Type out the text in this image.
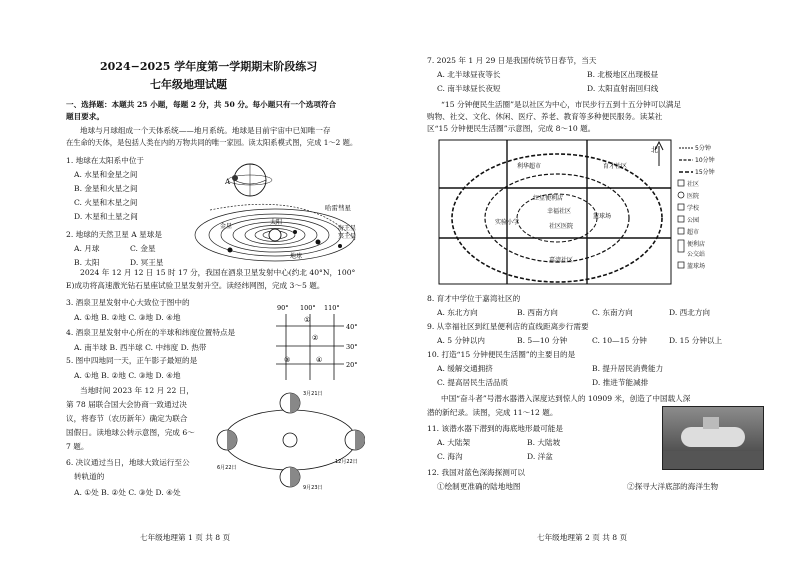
2024−2025 学年度第一学期期末阶段练习
七年级地理试题
一、选择题：本题共 25 小题，每题 2 分，共 50 分。每小题只有一个选项符合
题目要求。
地球与月球组成一个天体系统——地月系统。地球是目前宇宙中已知唯一存
在生命的天体，是包括人类在内的万物共同的唯一家园。读太阳系模式图，完成 1～2 题。
1. 地球在太阳系中位于
A. 水星和金星之间
B. 金星和火星之间
C. 火星和木星之间
D. 木星和土星之间
2. 地球的天然卫星 A 星球是
A. 月球	C. 金星
B. 太阳	D. 冥王星
A
哈雷彗星
太阳
海王星
冥王星
金星
地球
2024 年 12 月 12 日 15 时 17 分，我国在酒泉卫星发射中心(约北 40°N，100°
E)成功将高速激光钻石星座试验卫星发射升空。读经纬网图，完成 3～5 题。
3. 酒泉卫星发射中心大致位于图中的
A. ①地 B. ②地 C. ③地 D. ④地
4. 酒泉卫星发射中心所在的半球和纬度位置特点是
A. 南半球 B. 西半球 C. 中纬度 D. 热带
5. 图中四地同一天，正午影子最短的是
A. ①地 B. ②地 C. ③地 D. ④地
90° 100° 110°
40°
30°
20°
①
②
③	④
当地时间 2023 年 12 月 22 日，
第 78 届联合国大会协商一致通过决
议，将春节（农历新年）确定为联合
国假日。读地球公转示意图，完成 6～
7 题。
6. 决议通过当日，地球大致运行至公
转轨道的
A. ①处 B. ②处 C. ③处 D. ④处
6月22日
12月22日
3月21日
9月23日
七年级地理第 1 页 共 8 页
7. 2025 年 1 月 29 日是我国传统节日春节，当天
A. 北半球昼夜等长	B. 北极地区出现极昼
C. 南半球昼长夜短	D. 太阳直射南回归线
“15 分钟便民生活圈”是以社区为中心，市民步行五到十五分钟可以满足
购物、社交、文化、休闲、医疗、养老、教育等多种便民服务。读某社
区“15 分钟便民生活圈”示意图，完成 8～10 题。
北
利华超市	育才社区
红星便利店
幸福社区
篮球场
实验小学
社区医院
嘉湾社区
5分钟
10分钟
15分钟
社区
医院
学校
公园
超市
便利店
公交站
篮球场
8. 育才中学位于嘉湾社区的
A. 东北方向	B. 西南方向	C. 东南方向	D. 西北方向
9. 从幸福社区到红星便利店的直线距离步行需要
A. 5 分钟以内	B. 5—10 分钟	C. 10—15 分钟	D. 15 分钟以上
10. 打造“15 分钟便民生活圈”的主要目的是
A. 缓解交通拥挤	B. 提升居民消费能力
C. 提高居民生活品质	D. 推进节能减排
中国“奋斗者”号潜水器潜入深度达到惊人的 10909 米，创造了中国载人深
潜的新纪录。读图，完成 11～12 题。
11. 该潜水器下潜到的海底地形最可能是
A. 大陆架	B. 大陆坡
C. 海沟	D. 洋盆
12. 我国对蓝色深海探测可以
①绘制更准确的陆地地图	②探寻大洋底部的海洋生物
七年级地理第 2 页 共 8 页
